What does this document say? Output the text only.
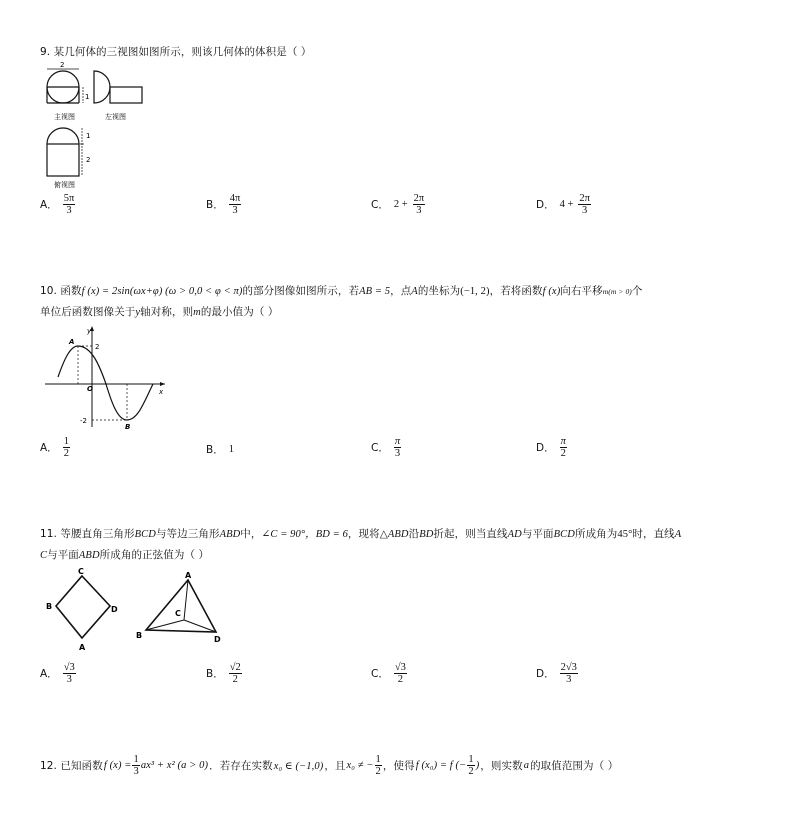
9. 某几何体的三视图如图所示，则该几何体的体积是（ ）
2
1
主视图	左视图
1
2
俯视图
A． $\frac{5\pi}{3}$	B． $\frac{4\pi}{3}$	C． $2 + \frac{2\pi}{3}$	D． $4 + \frac{2\pi}{3}$
10. 函数f (x) = 2sin(ωx+φ) (ω > 0,0 < φ < π)的部分图像如图所示，若AB = 5，点A的坐标为(−1, 2)，若将函数f (x)向右平移m(m > 0)个
单位后函数图像关于y轴对称，则m的最小值为（ ）
A
2
y
O	x
-2
B
A． $\frac{1}{2}$	B． 1	C． $\frac{\pi}{3}$	D． $\frac{\pi}{2}$
11. 等腰直角三角形BCD与等边三角形ABD中，∠C = 90°，BD = 6，现将△ABD沿BD折起，则当直线AD与平面BCD所成角为45°时，直线A
C与平面ABD所成角的正弦值为（ ）
C
B	D
A
A
C
B	D
A． $\frac{√3}{3}$	B． $\frac{√2}{2}$	C． $\frac{√3}{2}$	D． $\frac{2√3}{3}$
12. 已知函数 f $(x) = \frac{1}{3} ax^3 + x^2$ (a > 0) ．若存在实数 x₀ ∈ (−1,0) ，且 x₀ ≠ − $\frac{1}{2}$ ，使得 f (x₀) = f (− $\frac{1}{2}$ ) ，则实数 a 的取值范围为（ ）
